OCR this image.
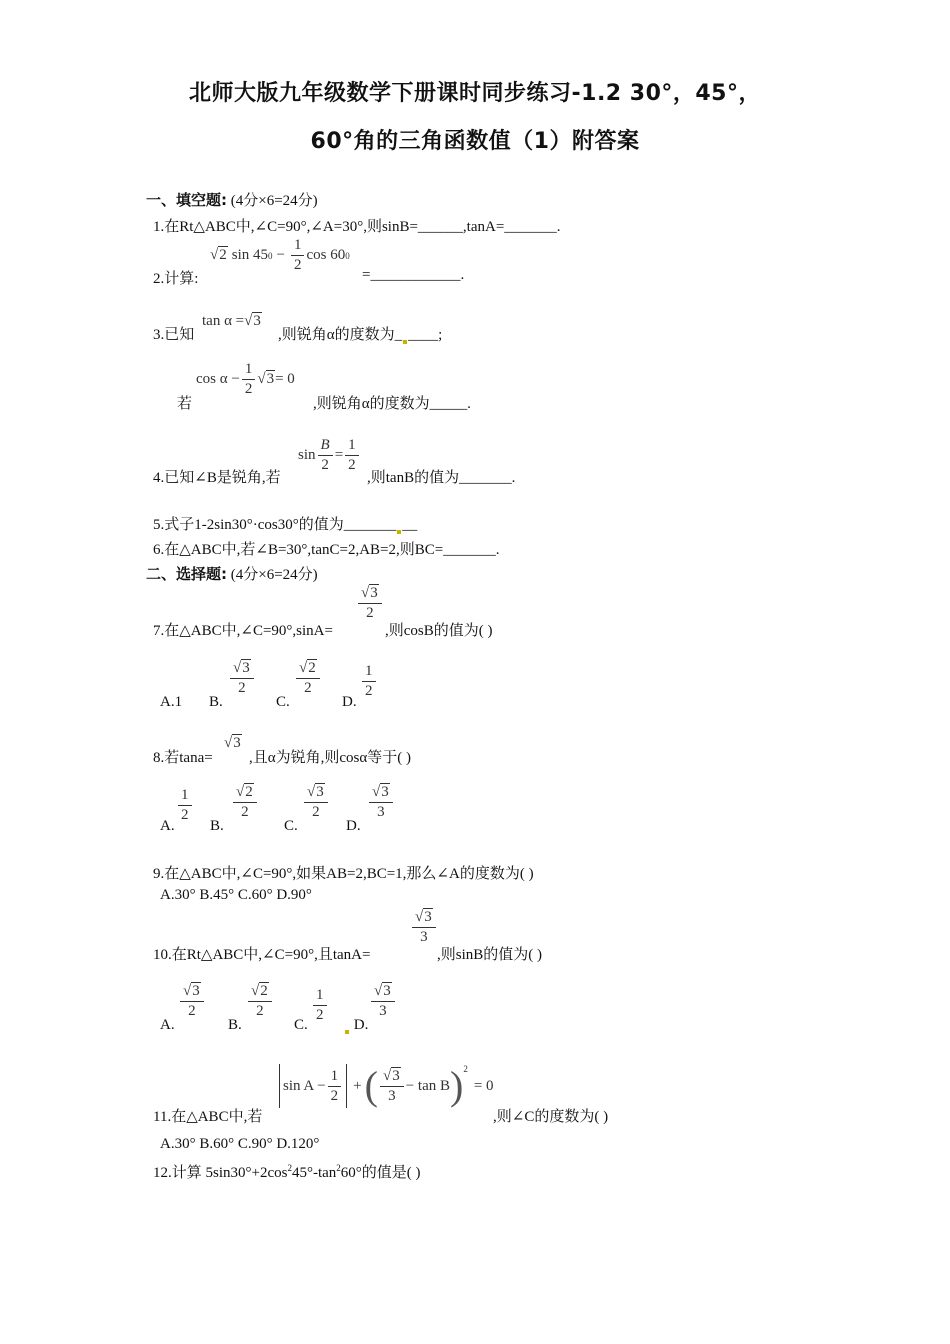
北师大版九年级数学下册课时同步练习-1.2 30°，45°，
60°角的三角函数值（1）附答案
一、填空题: (4分×6=24分)
1.在Rt△ABC中,∠C=90°,∠A=30°,则sinB=______,tanA=_______.
√2 sin 45 $0 - \frac{1}{2}$ cos 60 0
2.计算:	=____________.
3.已知
tan α = √3
,则锐角α的度数为_ ____;
若
$\cos \alpha - \frac{1}{2} √3 = 0$
,则锐角α的度数为_____.
4.已知∠B是锐角,若
$\sin \frac{B}{2} = \frac{1}{2}$
,则tanB的值为_______.
5.式子1-2sin30°·cos30°的值为_______ __
6.在△ABC中,若∠B=30°,tanC=2,AB=2,则BC=_______.
二、选择题: (4分×6=24分)
7.在△ABC中,∠C=90°,sinA=
$\frac{√3}{2}$
,则cosB的值为( )
A.1 B.
$\frac{√3}{2}$
C.
$\frac{√2}{2}$
D.
$\frac{1}{2}$
8.若tana=
√3
,且α为锐角,则cosα等于( )
A.
$\frac{1}{2}$
B.
$\frac{√2}{2}$
C.
$\frac{√3}{2}$
D.
$\frac{√3}{3}$
9.在△ABC中,∠C=90°,如果AB=2,BC=1,那么∠A的度数为( )
A.30° B.45° C.60° D.90°
10.在Rt△ABC中,∠C=90°,且tanA=
$\frac{√3}{3}$
,则sinB的值为( )
A.
$\frac{√3}{2}$
B.
$\frac{√2}{2}$
C.
$\frac{1}{2}$
D.
$\frac{√3}{3}$
11.在△ABC中,若
$\sin A - \frac{1}{2}$ + ( $\frac{√3}{3} - \tan B$ )$^2$
= 0
,则∠C的度数为( )
A.30° B.60° C.90° D.120°
12.计算 $5\sin 30^\circ+2\cos^245^\circ-\tan^260^\circ$的值是( )
